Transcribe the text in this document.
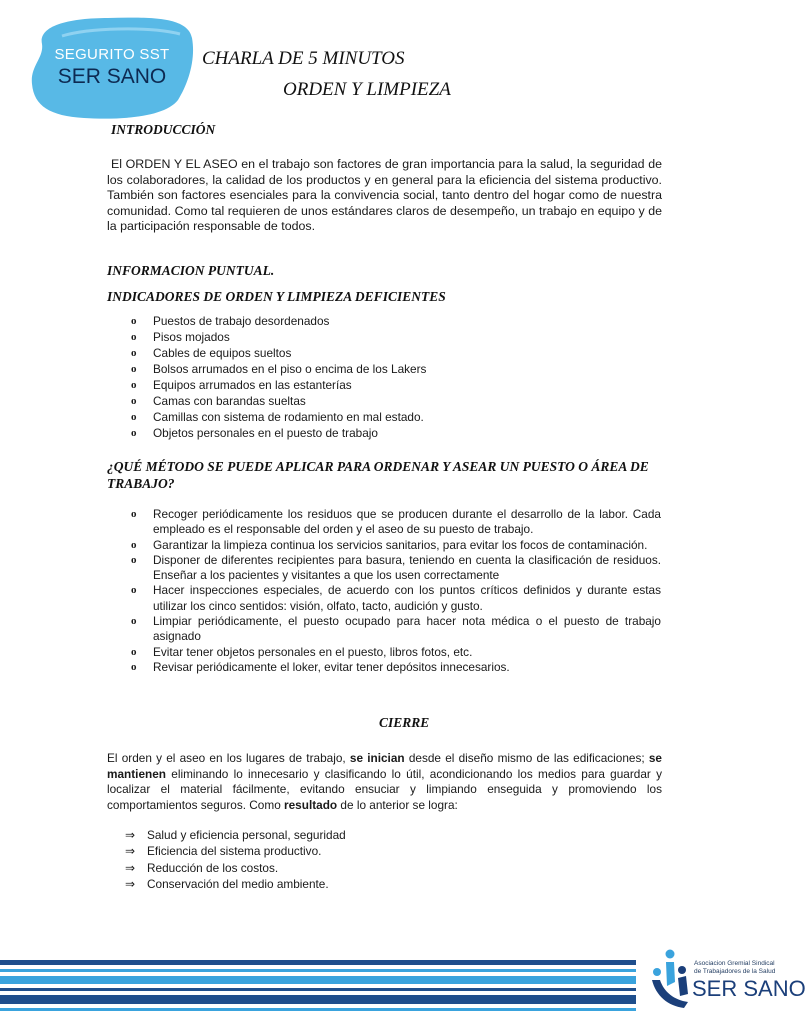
SEGURITO SST
SER SANO
CHARLA DE 5 MINUTOS
ORDEN Y LIMPIEZA
INTRODUCCIÓN
El ORDEN Y EL ASEO en el trabajo son factores de gran importancia para la salud, la seguridad de los colaboradores, la calidad de los productos y en general para la eficiencia del sistema productivo. También son factores esenciales para la convivencia social, tanto dentro del hogar como de nuestra comunidad. Como tal requieren de unos estándares claros de desempeño, un trabajo en equipo y de la participación responsable de todos.
INFORMACION PUNTUAL.
INDICADORES DE ORDEN Y LIMPIEZA DEFICIENTES
o Puestos de trabajo desordenados
o Pisos mojados
o Cables de equipos sueltos
o Bolsos arrumados en el piso o encima de los Lakers
o Equipos arrumados en las estanterías
o Camas con barandas sueltas
o Camillas con sistema de rodamiento en mal estado.
o Objetos personales en el puesto de trabajo
¿QUÉ MÉTODO SE PUEDE APLICAR PARA ORDENAR Y ASEAR UN PUESTO O ÁREA DE TRABAJO?
o Recoger periódicamente los residuos que se producen durante el desarrollo de la labor. Cada empleado es el responsable del orden y el aseo de su puesto de trabajo.
o Garantizar la limpieza continua los servicios sanitarios, para evitar los focos de contaminación.
o Disponer de diferentes recipientes para basura, teniendo en cuenta la clasificación de residuos. Enseñar a los pacientes y visitantes a que los usen correctamente
o Hacer inspecciones especiales, de acuerdo con los puntos críticos definidos y durante estas utilizar los cinco sentidos: visión, olfato, tacto, audición y gusto.
o Limpiar periódicamente, el puesto ocupado para hacer nota médica o el puesto de trabajo asignado
o Evitar tener objetos personales en el puesto, libros fotos, etc.
o Revisar periódicamente el loker, evitar tener depósitos innecesarios.
CIERRE
El orden y el aseo en los lugares de trabajo, se inician desde el diseño mismo de las edificaciones; se mantienen eliminando lo innecesario y clasificando lo útil, acondicionando los medios para guardar y localizar el material fácilmente, evitando ensuciar y limpiando enseguida y promoviendo los comportamientos seguros. Como resultado de lo anterior se logra:
⇒ Salud y eficiencia personal, seguridad
⇒ Eficiencia del sistema productivo.
⇒ Reducción de los costos.
⇒ Conservación del medio ambiente.
Asociacion Gremial Sindical
de Trabajadores de la Salud
SER SANO
